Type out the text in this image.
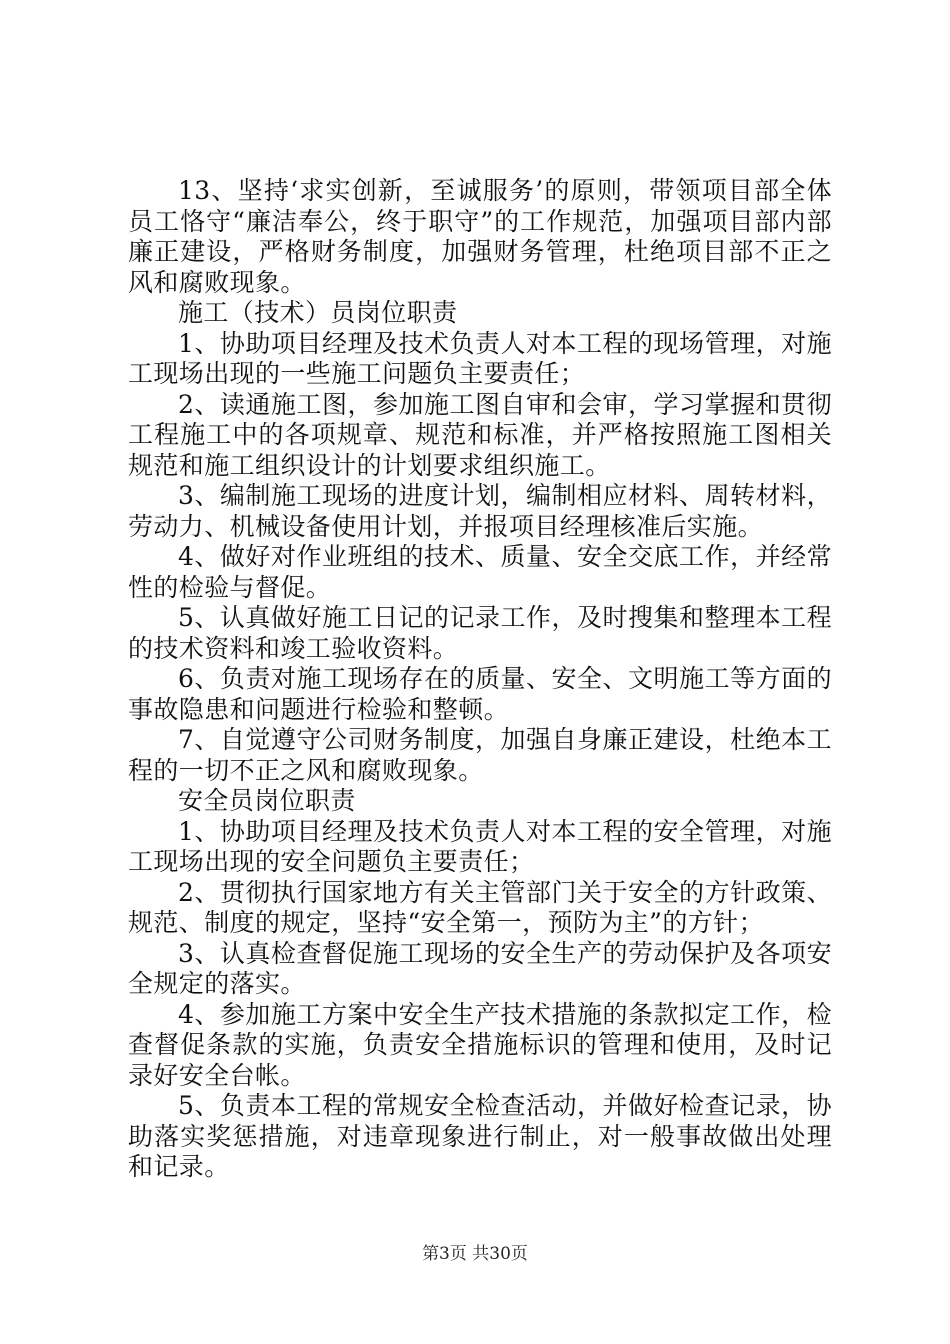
13、坚持‘求实创新，至诚服务’的原则，带领项目部全体员工恪守“廉洁奉公，终于职守”的工作规范，加强项目部内部廉正建设，严格财务制度，加强财务管理，杜绝项目部不正之风和腐败现象。

施工（技术）员岗位职责

1、协助项目经理及技术负责人对本工程的现场管理，对施工现场出现的一些施工问题负主要责任；

2、读通施工图，参加施工图自审和会审，学习掌握和贯彻工程施工中的各项规章、规范和标准，并严格按照施工图相关规范和施工组织设计的计划要求组织施工。

3、编制施工现场的进度计划，编制相应材料、周转材料，劳动力、机械设备使用计划，并报项目经理核准后实施。

4、做好对作业班组的技术、质量、安全交底工作，并经常性的检验与督促。

5、认真做好施工日记的记录工作，及时搜集和整理本工程的技术资料和竣工验收资料。

6、负责对施工现场存在的质量、安全、文明施工等方面的事故隐患和问题进行检验和整顿。

7、自觉遵守公司财务制度，加强自身廉正建设，杜绝本工程的一切不正之风和腐败现象。

安全员岗位职责

1、协助项目经理及技术负责人对本工程的安全管理，对施工现场出现的安全问题负主要责任；

2、贯彻执行国家地方有关主管部门关于安全的方针政策、规范、制度的规定，坚持“安全第一，预防为主”的方针；

3、认真检查督促施工现场的安全生产的劳动保护及各项安全规定的落实。

4、参加施工方案中安全生产技术措施的条款拟定工作，检查督促条款的实施，负责安全措施标识的管理和使用，及时记录好安全台帐。

5、负责本工程的常规安全检查活动，并做好检查记录，协助落实奖惩措施，对违章现象进行制止，对一般事故做出处理和记录。

第3页 共30页
